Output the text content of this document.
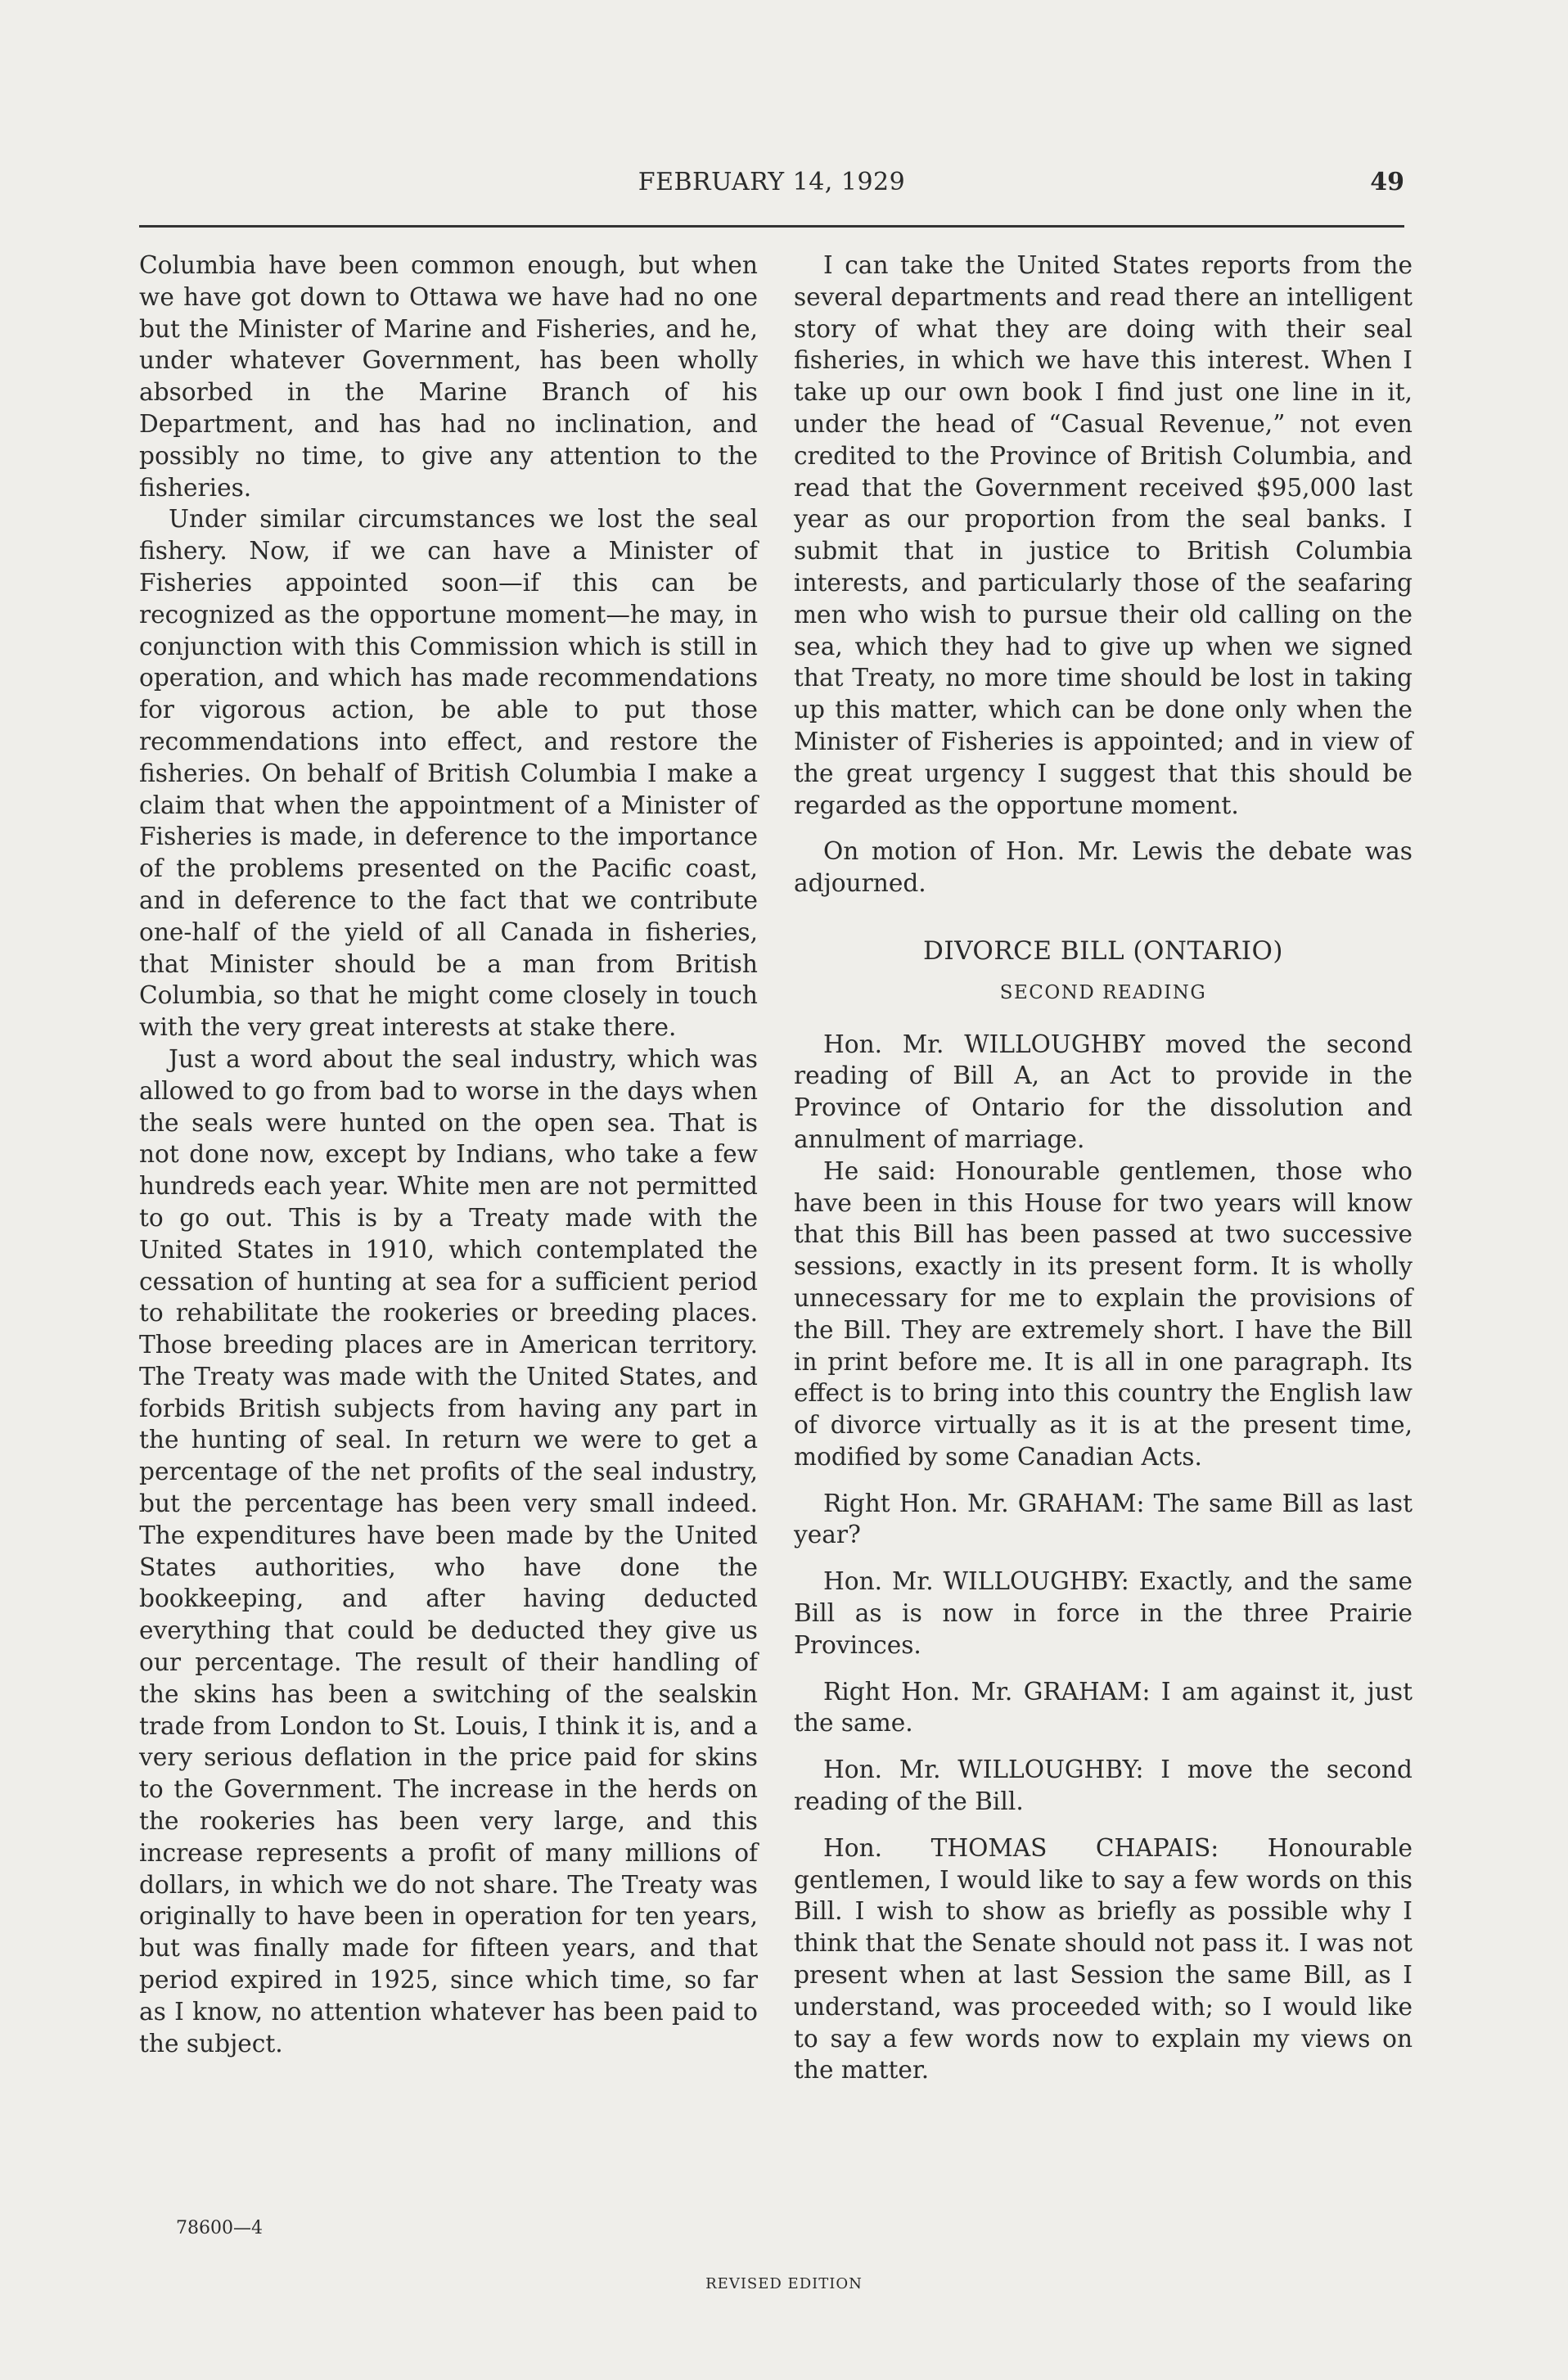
FEBRUARY 14, 1929	49

Columbia have been common enough, but when we have got down to Ottawa we have had no one but the Minister of Marine and Fisheries, and he, under whatever Government, has been wholly absorbed in the Marine Branch of his Department, and has had no inclination, and possibly no time, to give any attention to the fisheries.

Under similar circumstances we lost the seal fishery. Now, if we can have a Minister of Fisheries appointed soon—if this can be recognized as the opportune moment—he may, in conjunction with this Commission which is still in operation, and which has made recommendations for vigorous action, be able to put those recommendations into effect, and restore the fisheries. On behalf of British Columbia I make a claim that when the appointment of a Minister of Fisheries is made, in deference to the importance of the problems presented on the Pacific coast, and in deference to the fact that we contribute one-half of the yield of all Canada in fisheries, that Minister should be a man from British Columbia, so that he might come closely in touch with the very great interests at stake there.

Just a word about the seal industry, which was allowed to go from bad to worse in the days when the seals were hunted on the open sea. That is not done now, except by Indians, who take a few hundreds each year. White men are not permitted to go out. This is by a Treaty made with the United States in 1910, which contemplated the cessation of hunting at sea for a sufficient period to rehabilitate the rookeries or breeding places. Those breeding places are in American territory. The Treaty was made with the United States, and forbids British subjects from having any part in the hunting of seal. In return we were to get a percentage of the net profits of the seal industry, but the percentage has been very small indeed. The expenditures have been made by the United States authorities, who have done the bookkeeping, and after having deducted everything that could be deducted they give us our percentage. The result of their handling of the skins has been a switching of the sealskin trade from London to St. Louis, I think it is, and a very serious deflation in the price paid for skins to the Government. The increase in the herds on the rookeries has been very large, and this increase represents a profit of many millions of dollars, in which we do not share. The Treaty was originally to have been in operation for ten years, but was finally made for fifteen years, and that period expired in 1925, since which time, so far as I know, no attention whatever has been paid to the subject.

I can take the United States reports from the several departments and read there an intelligent story of what they are doing with their seal fisheries, in which we have this interest. When I take up our own book I find just one line in it, under the head of “Casual Revenue,” not even credited to the Province of British Columbia, and read that the Government received $95,000 last year as our proportion from the seal banks. I submit that in justice to British Columbia interests, and particularly those of the seafaring men who wish to pursue their old calling on the sea, which they had to give up when we signed that Treaty, no more time should be lost in taking up this matter, which can be done only when the Minister of Fisheries is appointed; and in view of the great urgency I suggest that this should be regarded as the opportune moment.

On motion of Hon. Mr. Lewis the debate was adjourned.

DIVORCE BILL (ONTARIO)
SECOND READING

Hon. Mr. WILLOUGHBY moved the second reading of Bill A, an Act to provide in the Province of Ontario for the dissolution and annulment of marriage.

He said: Honourable gentlemen, those who have been in this House for two years will know that this Bill has been passed at two successive sessions, exactly in its present form. It is wholly unnecessary for me to explain the provisions of the Bill. They are extremely short. I have the Bill in print before me. It is all in one paragraph. Its effect is to bring into this country the English law of divorce virtually as it is at the present time, modified by some Canadian Acts.

Right Hon. Mr. GRAHAM: The same Bill as last year?

Hon. Mr. WILLOUGHBY: Exactly, and the same Bill as is now in force in the three Prairie Provinces.

Right Hon. Mr. GRAHAM: I am against it, just the same.

Hon. Mr. WILLOUGHBY: I move the second reading of the Bill.

Hon. THOMAS CHAPAIS: Honourable gentlemen, I would like to say a few words on this Bill. I wish to show as briefly as possible why I think that the Senate should not pass it. I was not present when at last Session the same Bill, as I understand, was proceeded with; so I would like to say a few words now to explain my views on the matter.

78600—4
REVISED EDITION
